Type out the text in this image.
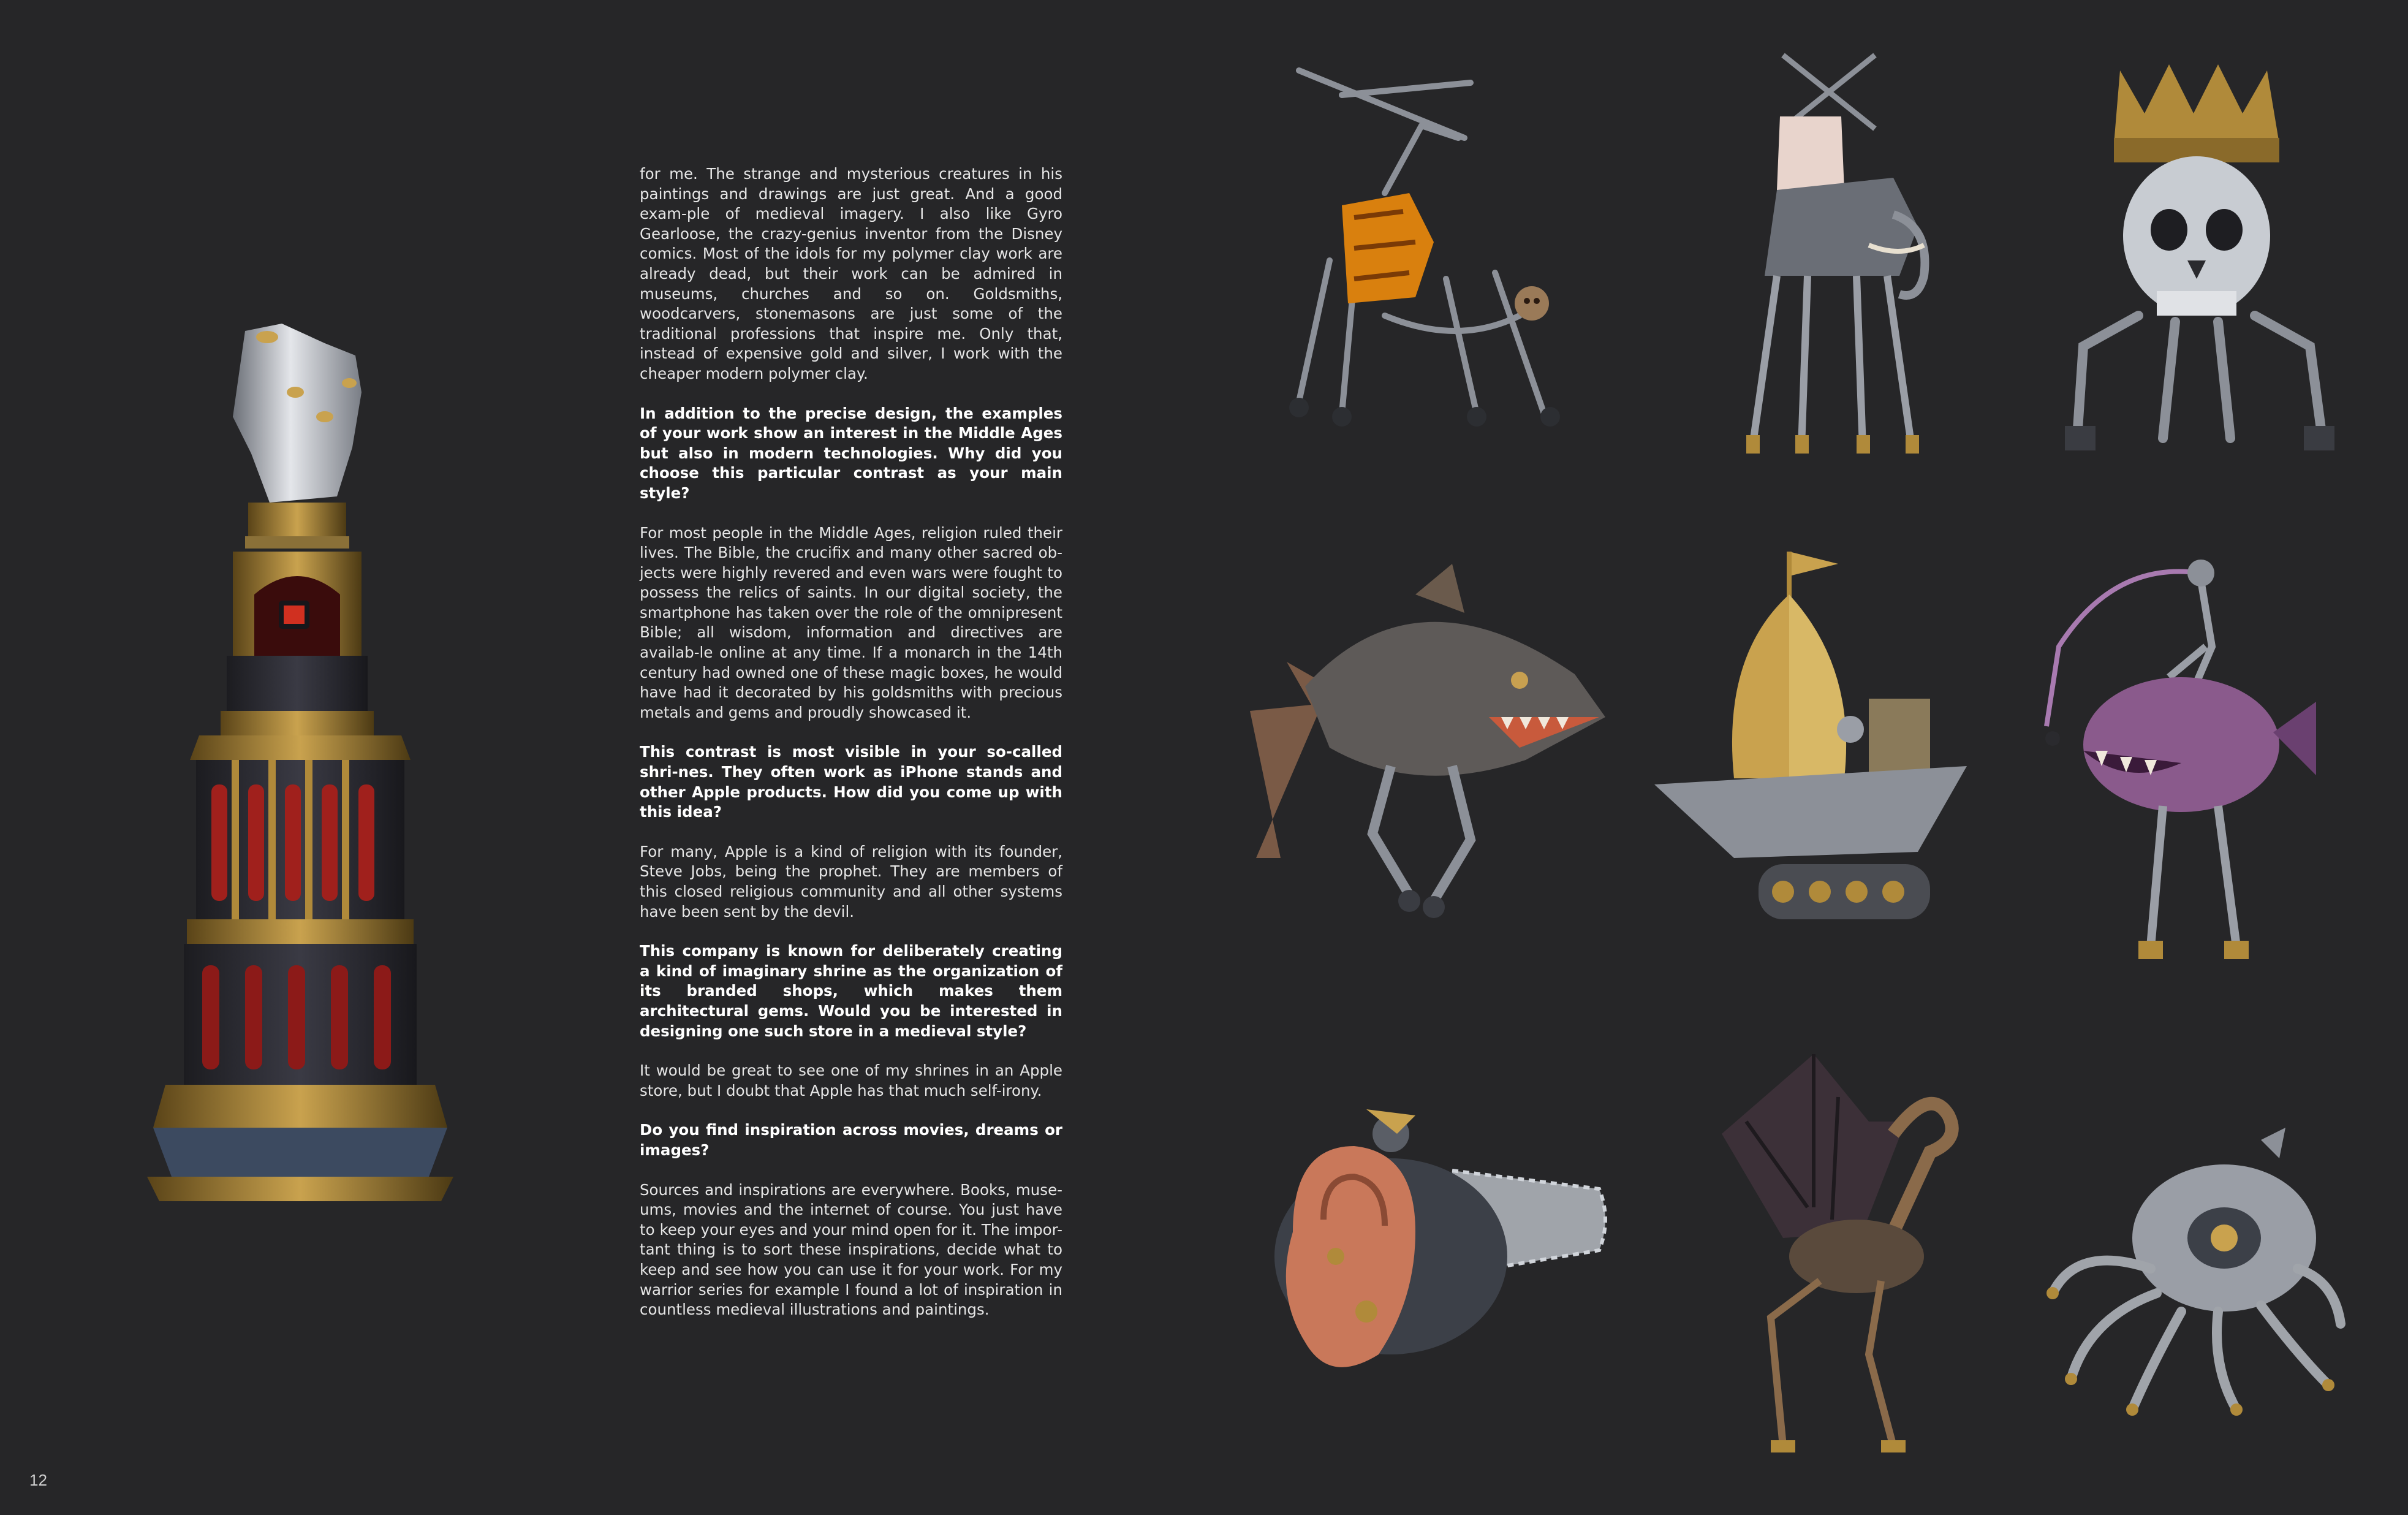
for me. The strange and mysterious creatures in his paintings and drawings are just great. And a good exam-ple of medieval imagery. I also like Gyro Gearloose, the crazy-genius inventor from the Disney comics. Most of the idols for my polymer clay work are already dead, but their work can be admired in museums, churches and so on. Goldsmiths, woodcarvers, stonemasons are just some of the traditional professions that inspire me. Only that, instead of expensive gold and silver, I work with the cheaper modern polymer clay.

In addition to the precise design, the examples of your work show an interest in the Middle Ages but also in modern technologies. Why did you choose this particular contrast as your main style?

For most people in the Middle Ages, religion ruled their lives. The Bible, the crucifix and many other sacred ob-jects were highly revered and even wars were fought to possess the relics of saints. In our digital society, the smartphone has taken over the role of the omnipresent Bible; all wisdom, information and directives are availab-le online at any time. If a monarch in the 14th century had owned one of these magic boxes, he would have had it decorated by his goldsmiths with precious metals and gems and proudly showcased it.

This contrast is most visible in your so-called shri-nes. They often work as iPhone stands and other Apple products. How did you come up with this idea?

For many, Apple is a kind of religion with its founder, Steve Jobs, being the prophet. They are members of this closed religious community and all other systems have been sent by the devil.

This company is known for deliberately creating a kind of imaginary shrine as the organization of its branded shops, which makes them architectural gems. Would you be interested in designing one such store in a medieval style?

It would be great to see one of my shrines in an Apple store, but I doubt that Apple has that much self-irony.

Do you find inspiration across movies, dreams or images?

Sources and inspirations are everywhere. Books, muse-ums, movies and the internet of course. You just have to keep your eyes and your mind open for it. The impor-tant thing is to sort these inspirations, decide what to keep and see how you can use it for your work. For my warrior series for example I found a lot of inspiration in countless medieval illustrations and paintings.

12
